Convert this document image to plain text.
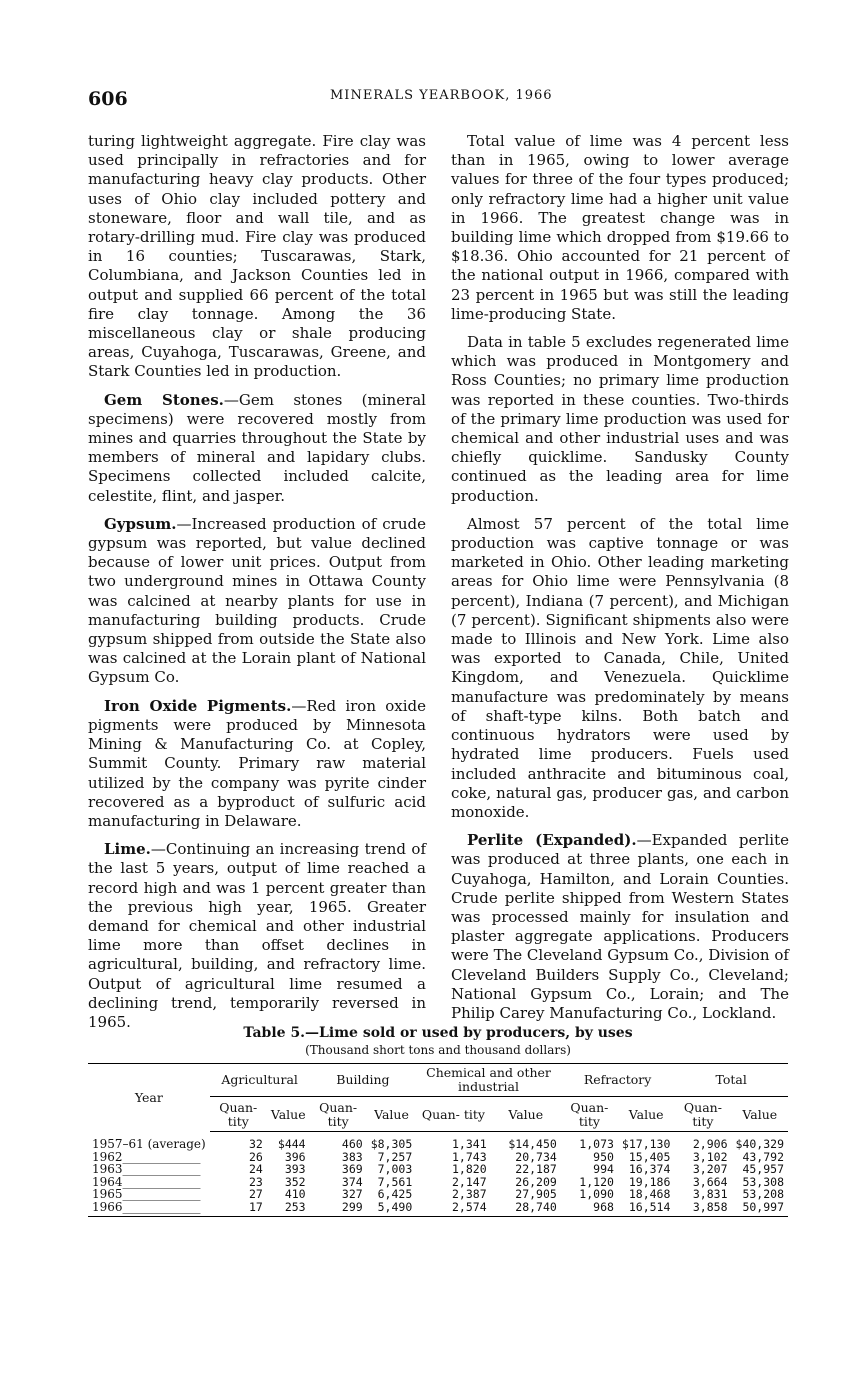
606	MINERALS YEARBOOK, 1966

turing lightweight aggregate. Fire clay was used principally in refractories and for manufacturing heavy clay products. Other uses of Ohio clay included pottery and stoneware, floor and wall tile, and as rotary-drilling mud. Fire clay was produced in 16 counties; Tuscarawas, Stark, Columbiana, and Jackson Counties led in output and supplied 66 percent of the total fire clay tonnage. Among the 36 miscellaneous clay or shale producing areas, Cuyahoga, Tuscarawas, Greene, and Stark Counties led in production.

Gem Stones.—Gem stones (mineral specimens) were recovered mostly from mines and quarries throughout the State by members of mineral and lapidary clubs. Specimens collected included calcite, celestite, flint, and jasper.

Gypsum.—Increased production of crude gypsum was reported, but value declined because of lower unit prices. Output from two underground mines in Ottawa County was calcined at nearby plants for use in manufacturing building products. Crude gypsum shipped from outside the State also was calcined at the Lorain plant of National Gypsum Co.

Iron Oxide Pigments.—Red iron oxide pigments were produced by Minnesota Mining & Manufacturing Co. at Copley, Summit County. Primary raw material utilized by the company was pyrite cinder recovered as a byproduct of sulfuric acid manufacturing in Delaware.

Lime.—Continuing an increasing trend of the last 5 years, output of lime reached a record high and was 1 percent greater than the previous high year, 1965. Greater demand for chemical and other industrial lime more than offset declines in agricultural, building, and refractory lime. Output of agricultural lime resumed a declining trend, temporarily reversed in 1965.

Total value of lime was 4 percent less than in 1965, owing to lower average values for three of the four types produced; only refractory lime had a higher unit value in 1966. The greatest change was in building lime which dropped from $19.66 to $18.36. Ohio accounted for 21 percent of the national output in 1966, compared with 23 percent in 1965 but was still the leading lime-producing State.

Data in table 5 excludes regenerated lime which was produced in Montgomery and Ross Counties; no primary lime production was reported in these counties. Two-thirds of the primary lime production was used for chemical and other industrial uses and was chiefly quicklime. Sandusky County continued as the leading area for lime production.

Almost 57 percent of the total lime production was captive tonnage or was marketed in Ohio. Other leading marketing areas for Ohio lime were Pennsylvania (8 percent), Indiana (7 percent), and Michigan (7 percent). Significant shipments also were made to Illinois and New York. Lime also was exported to Canada, Chile, United Kingdom, and Venezuela. Quicklime manufacture was predominately by means of shaft-type kilns. Both batch and continuous hydrators were used by hydrated lime producers. Fuels used included anthracite and bituminous coal, coke, natural gas, producer gas, and carbon monoxide.

Perlite (Expanded).—Expanded perlite was produced at three plants, one each in Cuyahoga, Hamilton, and Lorain Counties. Crude perlite shipped from Western States was processed mainly for insulation and plaster aggregate applications. Producers were The Cleveland Gypsum Co., Division of Cleveland Builders Supply Co., Cleveland; National Gypsum Co., Lorain; and The Philip Carey Manufacturing Co., Lockland.

Table 5.—Lime sold or used by producers, by uses
(Thousand short tons and thousand dollars)
Year	Agricultural		Building		Chemical and other industrial		Refractory		Total	
	Quan- tity	Value	Quan- tity	Value	Quan- tity	Value	Quan- tity	Value	Quan- tity	Value
1957–61 (average)	32	$444	460	$8,305	1,341	$14,450	1,073	$17,130	2,906	$40,329
1962_____________	26	396	383	7,257	1,743	20,734	950	15,405	3,102	43,792
1963_____________	24	393	369	7,003	1,820	22,187	994	16,374	3,207	45,957
1964_____________	23	352	374	7,561	2,147	26,209	1,120	19,186	3,664	53,308
1965_____________	27	410	327	6,425	2,387	27,905	1,090	18,468	3,831	53,208
1966_____________	17	253	299	5,490	2,574	28,740	968	16,514	3,858	50,997
